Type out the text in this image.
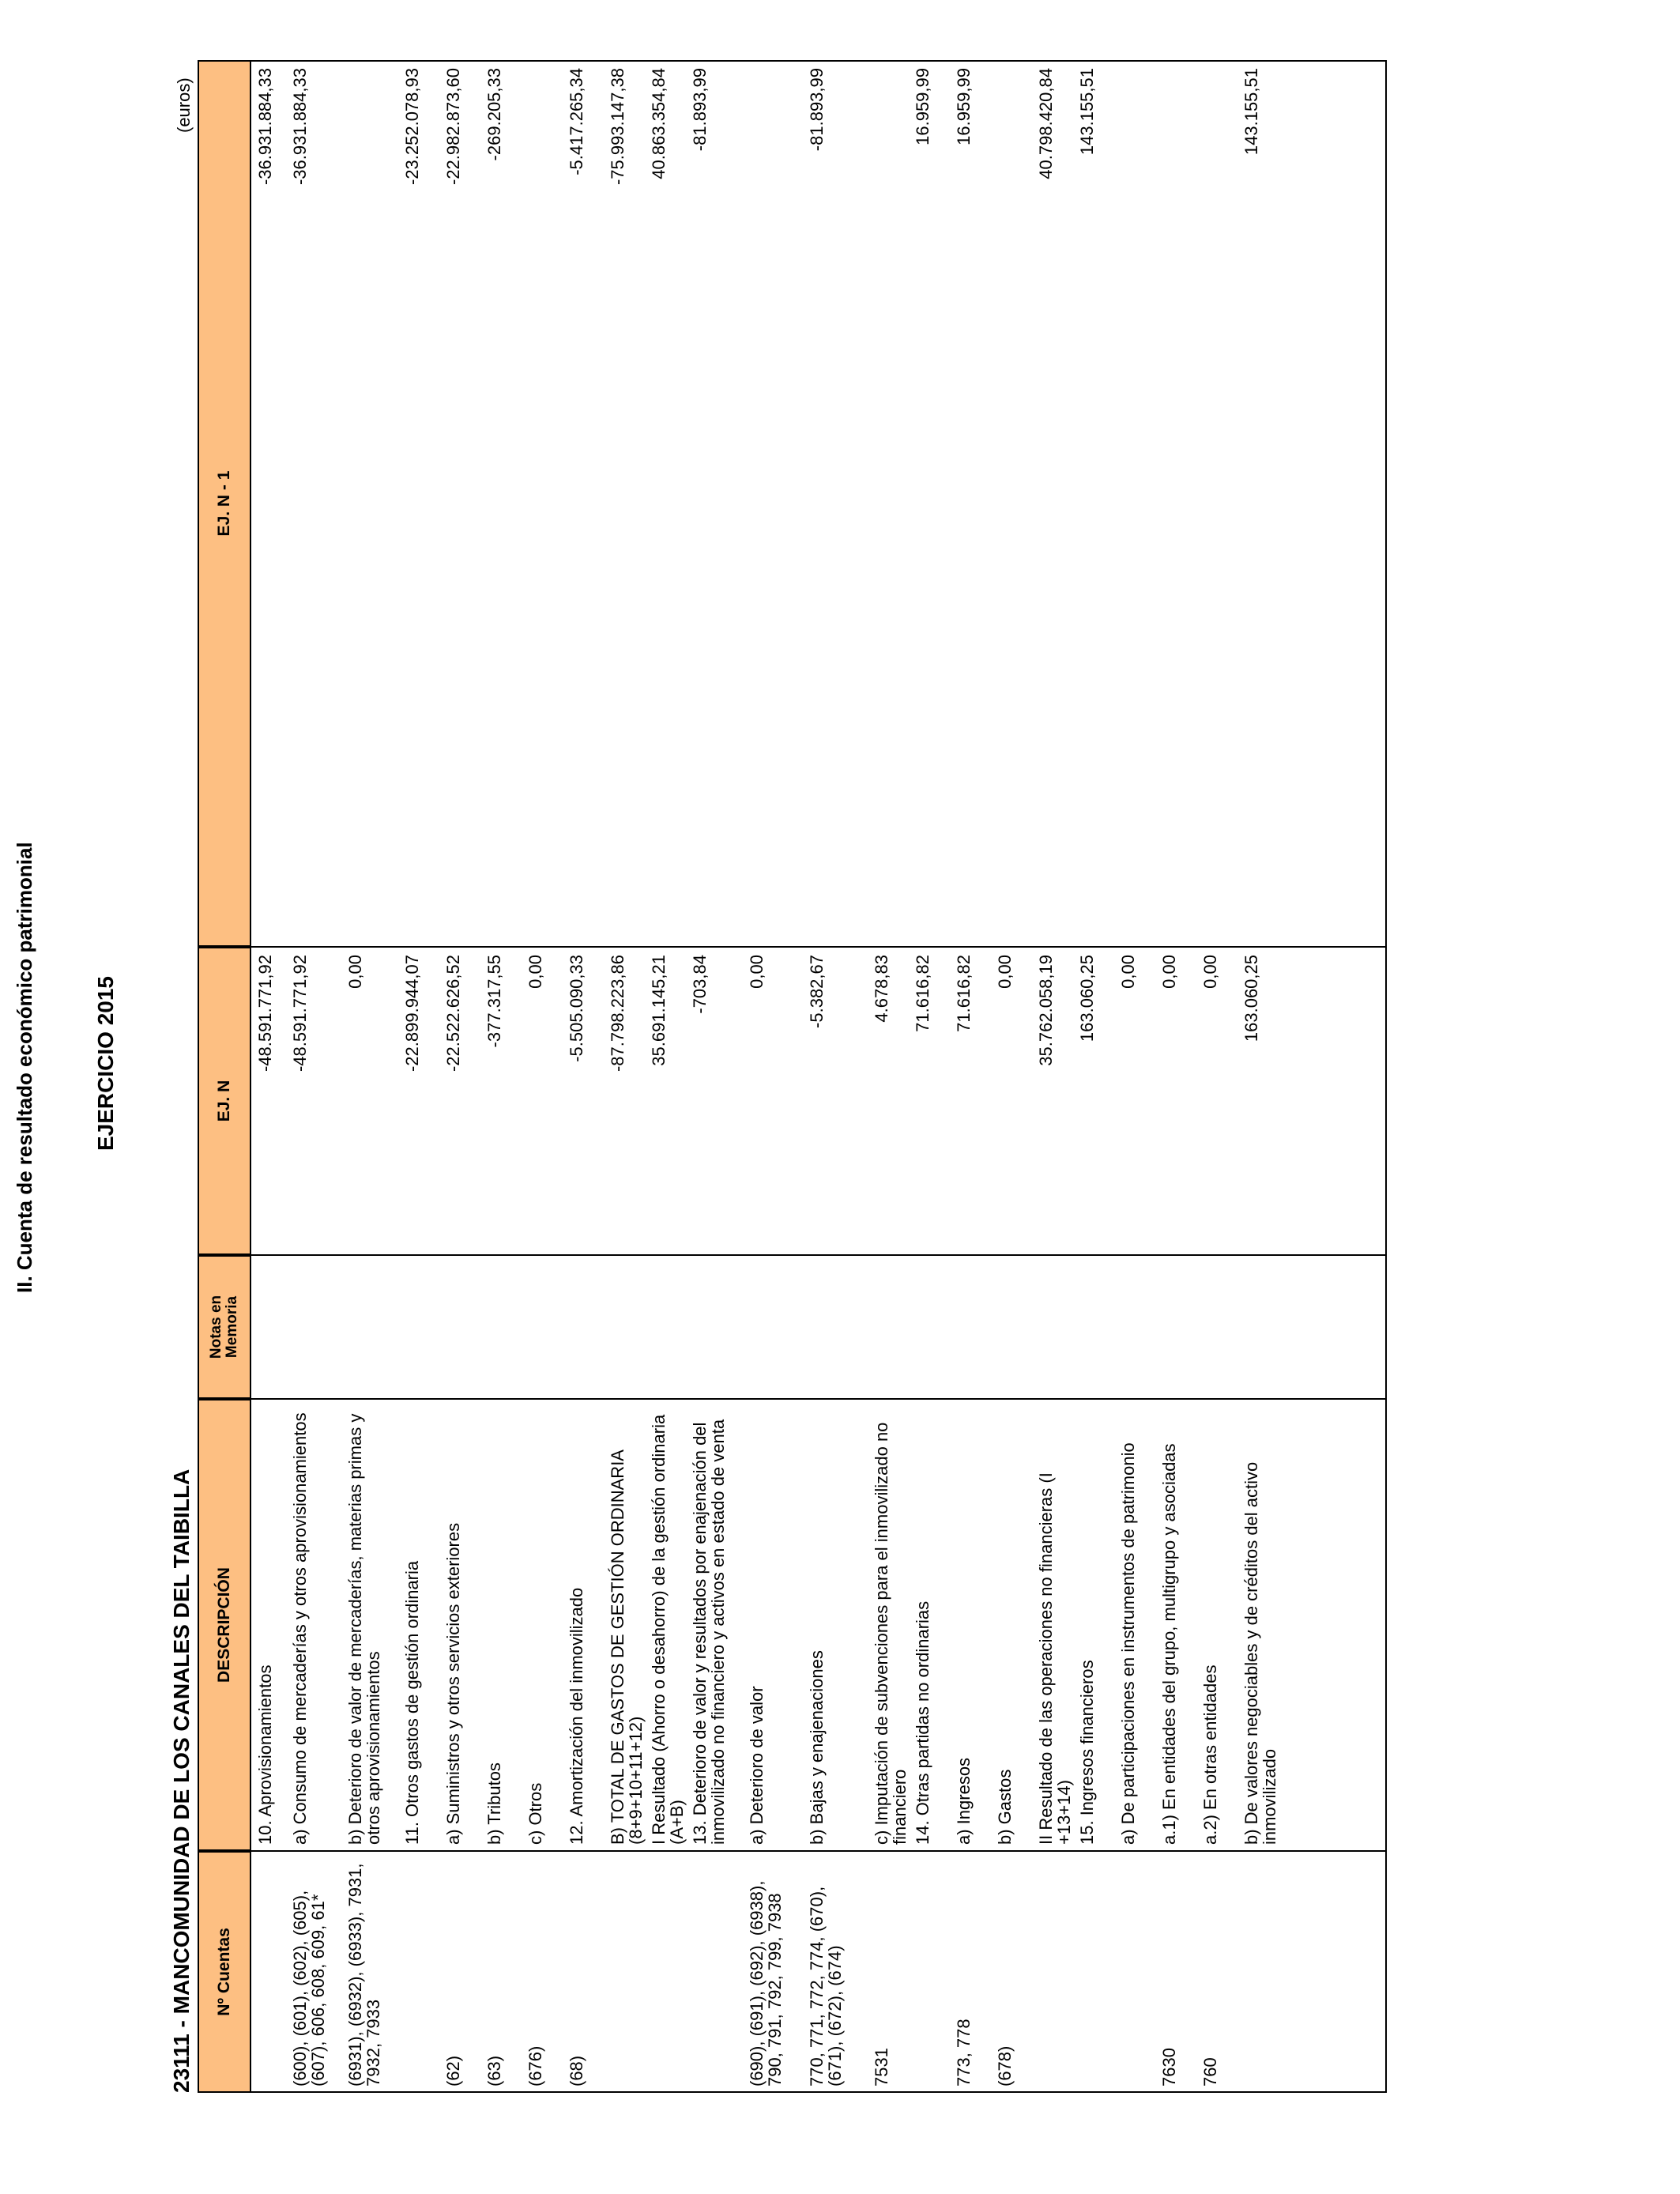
II. Cuenta de resultado económico patrimonial	EJERCICIO 2015
23111 - MANCOMUNIDAD DE LOS CANALES DEL TAIBILLA
(euros)
Nº Cuentas
DESCRIPCIÓN
Notas en Memoria
EJ. N
EJ. N - 1
10. Aprovisionamientos
-48.591.771,92
-36.931.884,33
(600), (601), (602), (605), (607), 606, 608, 609, 61*
a) Consumo de mercaderías y otros aprovisionamientos
-48.591.771,92
-36.931.884,33
(6931), (6932), (6933), 7931, 7932, 7933
b) Deterioro de valor de mercaderías, materias primas y otros aprovisionamientos
0,00
11. Otros gastos de gestión ordinaria
-22.899.944,07
-23.252.078,93
(62)
a) Suministros y otros servicios exteriores
-22.522.626,52
-22.982.873,60
(63)
b) Tributos
-377.317,55
-269.205,33
(676)
c) Otros
0,00
(68)
12. Amortización del inmovilizado
-5.505.090,33
-5.417.265,34
B) TOTAL DE GASTOS DE GESTIÓN ORDINARIA (8+9+10+11+12)
-87.798.223,86
-75.993.147,38
I Resultado (Ahorro o desahorro) de la gestión ordinaria (A+B)
35.691.145,21
40.863.354,84
13. Deterioro de valor y resultados por enajenación del inmovilizado no financiero y activos en estado de venta
-703,84
-81.893,99
(690), (691), (692), (6938), 790, 791, 792, 799, 7938
a) Deterioro de valor
0,00
770, 771, 772, 774, (670), (671), (672), (674)
b) Bajas y enajenaciones
-5.382,67
-81.893,99
7531
c) Imputación de subvenciones para el inmovilizado no financiero
4.678,83
14. Otras partidas no ordinarias
71.616,82
16.959,99
773, 778
a) Ingresos
71.616,82
16.959,99
(678)
b) Gastos
0,00
II Resultado de las operaciones no financieras (I +13+14)
35.762.058,19
40.798.420,84
15. Ingresos financieros
163.060,25
143.155,51
a) De participaciones en instrumentos de patrimonio
0,00
7630
a.1) En entidades del grupo, multigrupo y asociadas
0,00
760
a.2) En otras entidades
0,00
b) De valores negociables y de créditos del activo inmovilizado
163.060,25
143.155,51
